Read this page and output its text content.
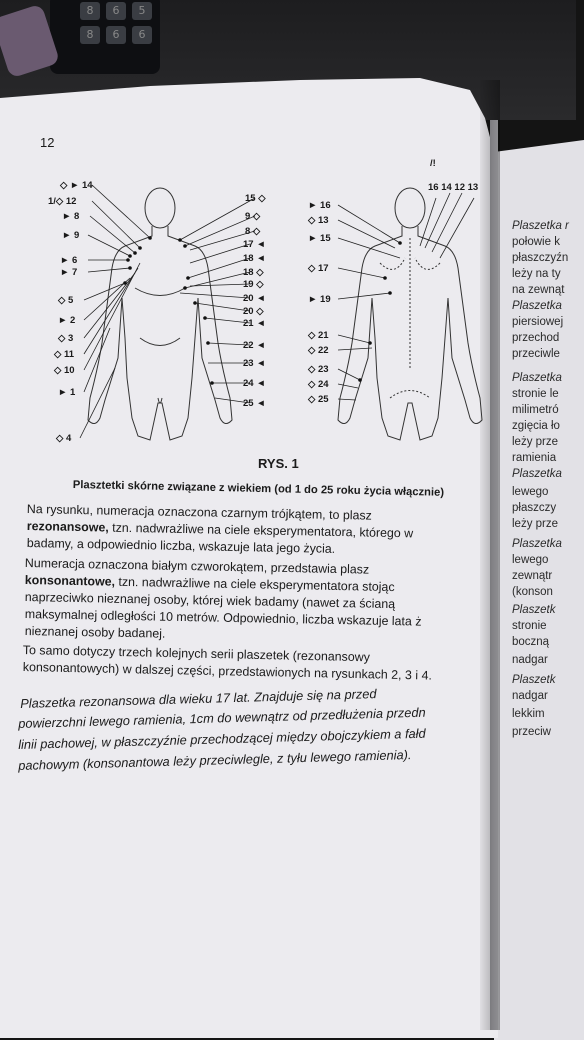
8	6	5
8	6	6
12
◇ ► 14
1/◇ 12
► 8
► 9
► 6
► 7
◇ 5
► 2
◇ 3
◇ 11
◇ 10
► 1
◇ 4
15 ◇
9 ◇
8 ◇
17 ◄
18 ◄
18 ◇
19 ◇
20 ◄
20 ◇
21 ◄
22 ◄
23 ◄
24 ◄
25 ◄
/!
16 14 12 13
► 16
◇ 13
► 15
◇ 17
► 19
◇ 21
◇ 22
◇ 23
◇ 24
◇ 25
RYS. 1
Plasztetki skórne związane z wiekiem (od 1 do 25 roku życia włącznie)
Na rysunku, numeracja oznaczona czarnym trójkątem, to plasz
rezonansowe, tzn. nadwrażliwe na ciele eksperymentatora, którego w
badamy, a odpowiednio liczba, wskazuje lata jego życia.
Numeracja oznaczona białym czworokątem, przedstawia plasz
konsonantowe, tzn. nadwrażliwe na ciele eksperymentatora stojąc
naprzeciwko nieznanej osoby, której wiek badamy (nawet za ścianą
maksymalnej odległości 10 metrów. Odpowiednio, liczba wskazuje lata ż
nieznanej osoby badanej.
To samo dotyczy trzech kolejnych serii plaszetek (rezonansowy
konsonantowych) w dalszej części, przedstawionych na rysunkach 2, 3 i 4.
Plaszetka rezonansowa dla wieku 17 lat. Znajduje się na przed
powierzchni lewego ramienia, 1cm do wewnątrz od przedłużenia przedn
linii pachowej, w płaszczyźnie przechodzącej między obojczykiem a fałd
pachowym (konsonantowa leży przeciwlegle, z tyłu lewego ramienia).
Plaszetka r
połowie k
płaszczyźn
leży na ty
na zewnąt
Plaszetka
piersiowej
przechod
przeciwle
Plaszetka
stronie le
milimetró
zgięcia ło
leży prze
ramienia
Plaszetka
lewego
płaszczy
leży prze
Plaszetka
lewego
zewnątr
(konson
Plaszetk
stronie
boczną
nadgar
Plaszetk
nadgar
lekkim
przeciw
